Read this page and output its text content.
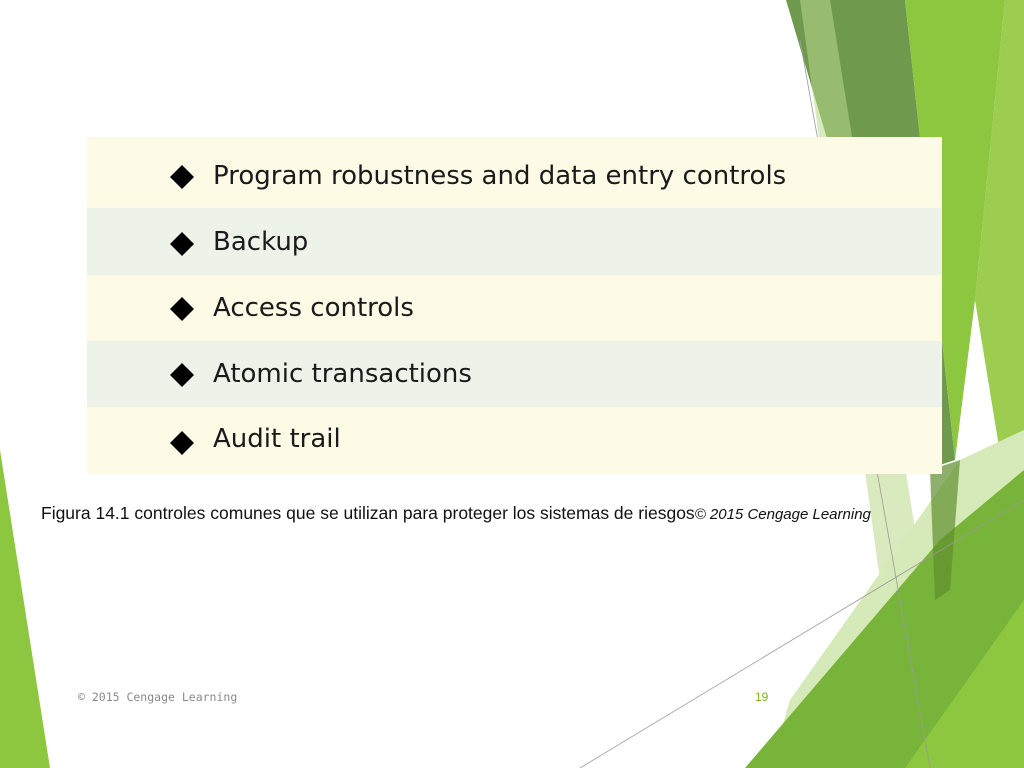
Program robustness and data entry controls
Backup
Access controls
Atomic transactions
Audit trail
Figura 14.1 controles comunes que se utilizan para proteger los sistemas de riesgos© 2015 Cengage Learning
© 2015 Cengage Learning	19
